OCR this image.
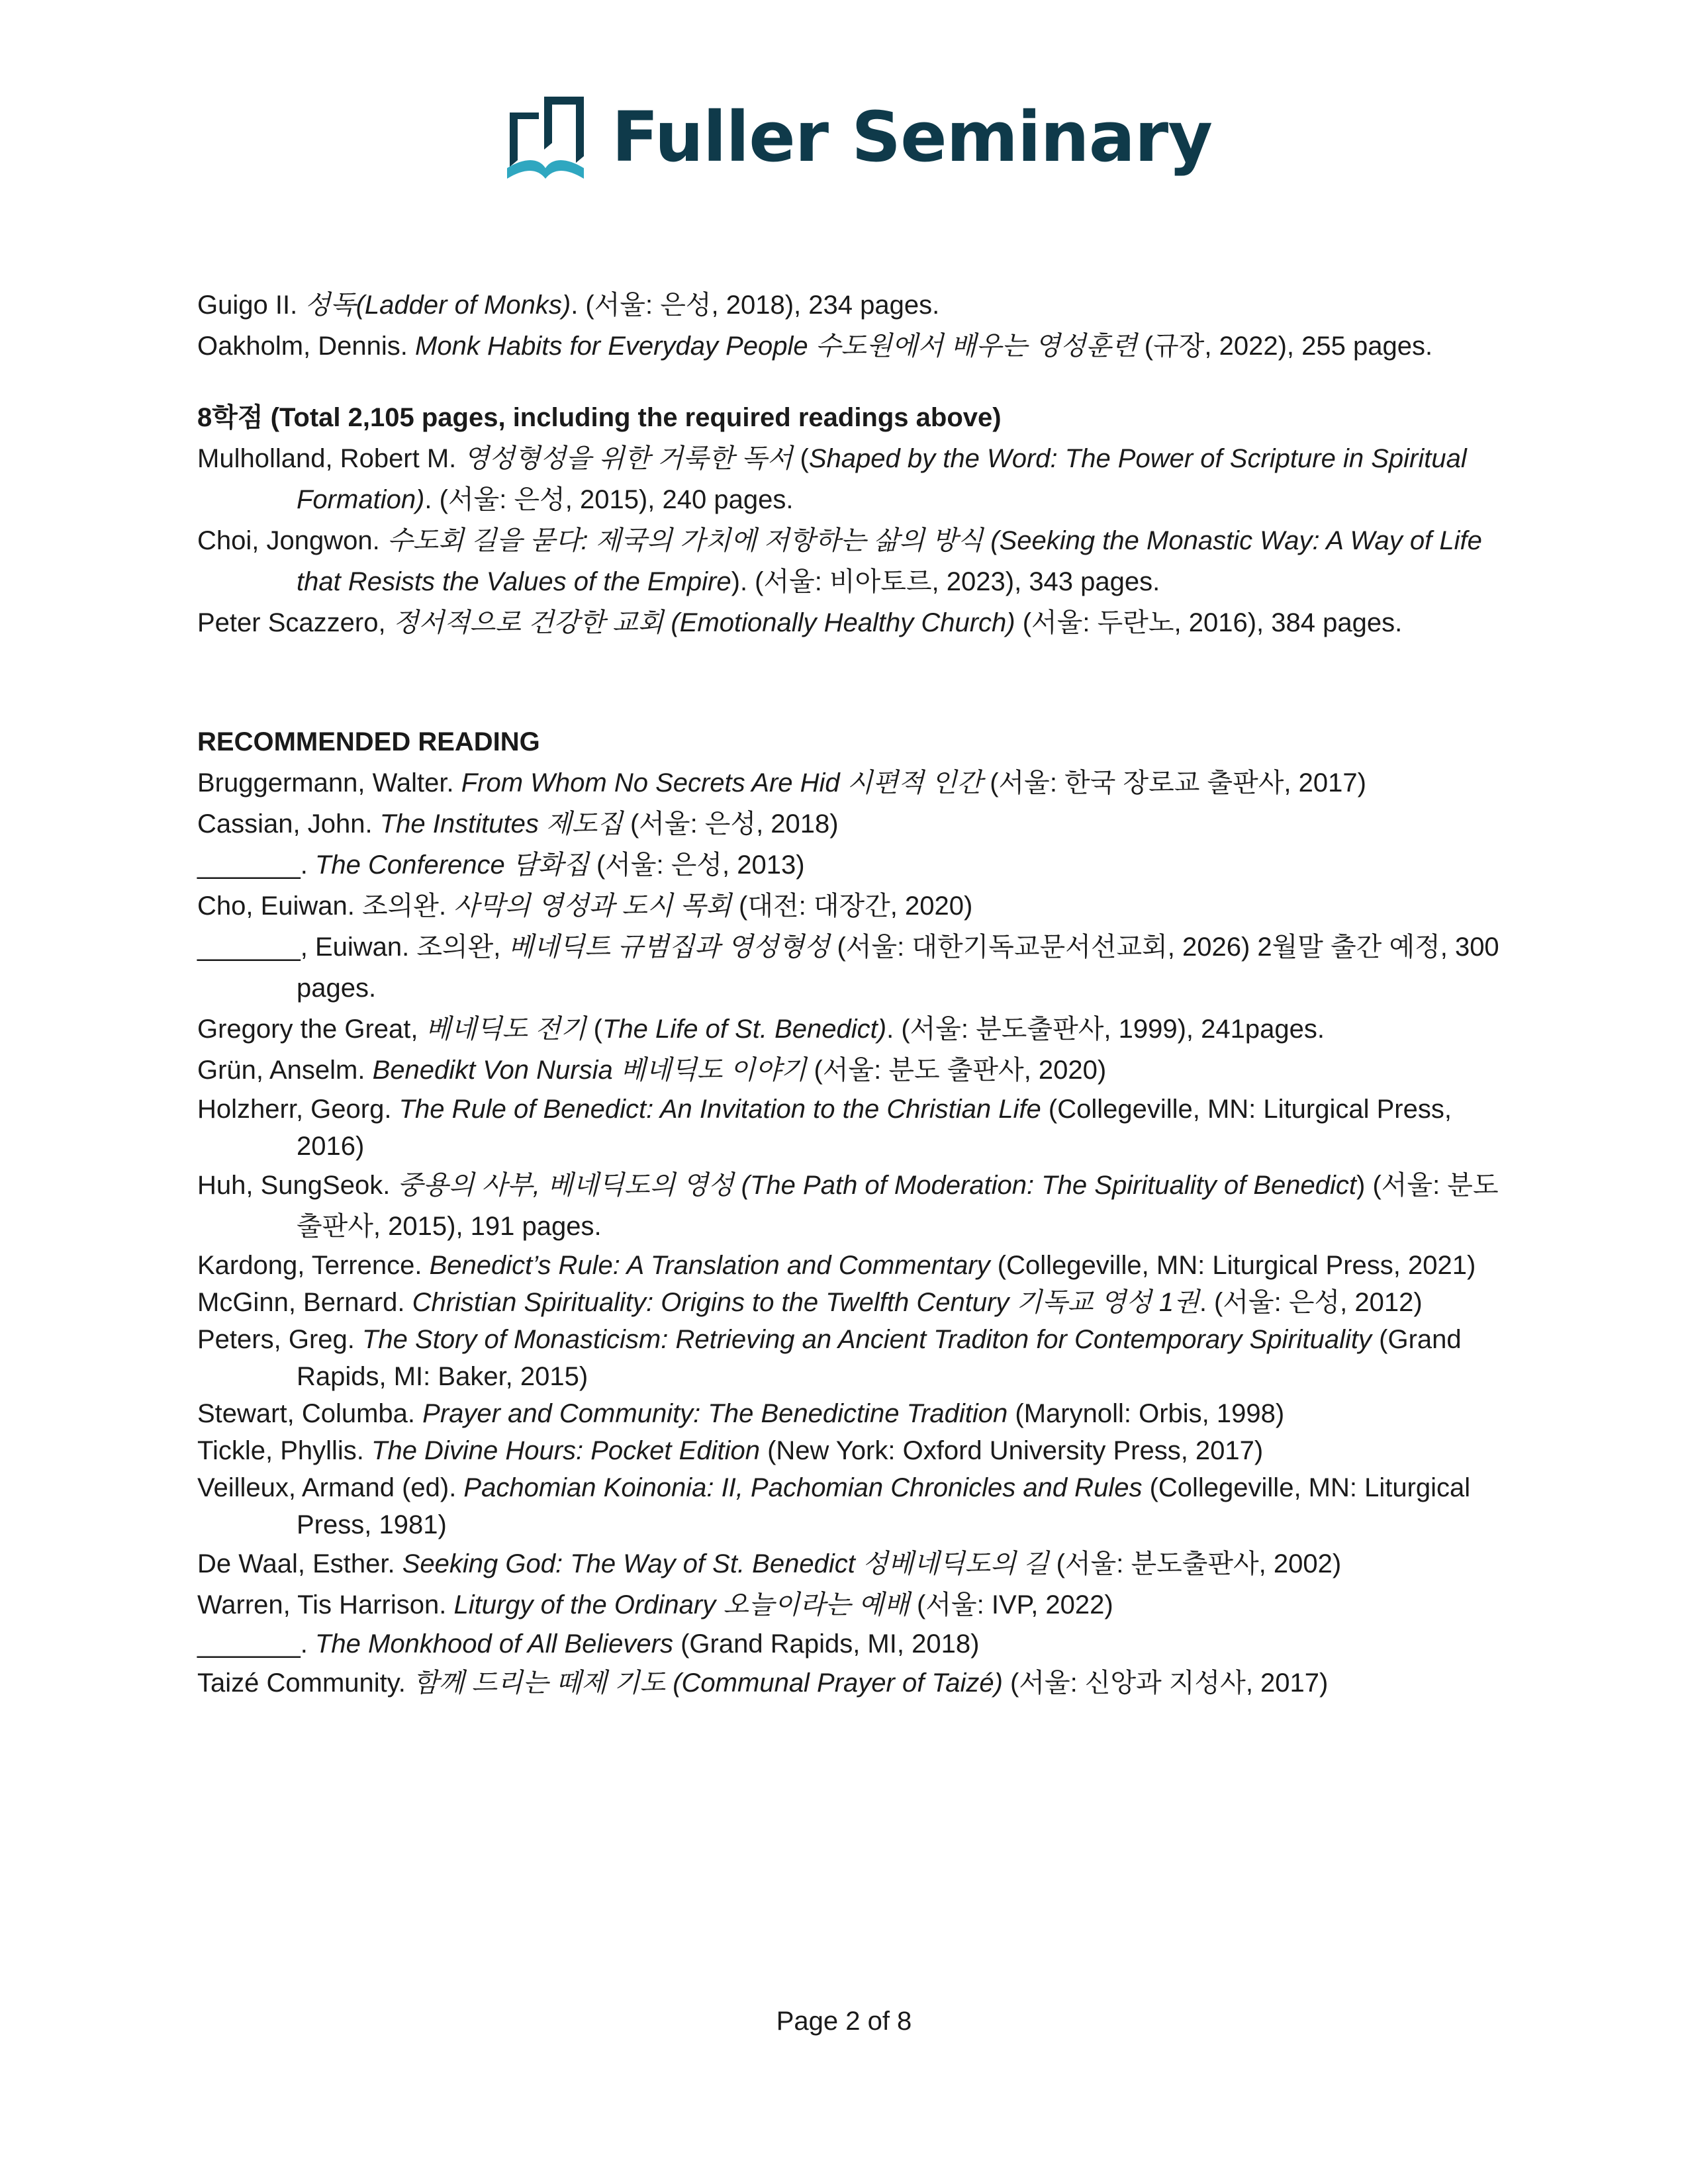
Fuller Seminary

Guigo II. 성독(Ladder of Monks). (서울: 은성, 2018), 234 pages.

Oakholm, Dennis. Monk Habits for Everyday People 수도원에서 배우는 영성훈련 (규장, 2022), 255 pages.

8학점 (Total 2,105 pages, including the required readings above)

Mulholland, Robert M. 영성형성을 위한 거룩한 독서 (Shaped by the Word: The Power of Scripture in Spiritual Formation). (서울: 은성, 2015), 240 pages.

Choi, Jongwon. 수도회 길을 묻다: 제국의 가치에 저항하는 삶의 방식 (Seeking the Monastic Way: A Way of Life that Resists the Values of the Empire). (서울: 비아토르, 2023), 343 pages.

Peter Scazzero, 정서적으로 건강한 교회 (Emotionally Healthy Church) (서울: 두란노, 2016), 384 pages.

RECOMMENDED READING

Bruggermann, Walter. From Whom No Secrets Are Hid 시편적 인간 (서울: 한국 장로교 출판사, 2017)

Cassian, John. The Institutes 제도집 (서울: 은성, 2018)

_______. The Conference 담화집 (서울: 은성, 2013)

Cho, Euiwan. 조의완. 사막의 영성과 도시 목회 (대전: 대장간, 2020)

_______, Euiwan. 조의완, 베네딕트 규범집과 영성형성 (서울: 대한기독교문서선교회, 2026) 2월말 출간 예정, 300 pages.

Gregory the Great, 베네딕도 전기 (The Life of St. Benedict). (서울: 분도출판사, 1999), 241pages.

Grün, Anselm. Benedikt Von Nursia 베네딕도 이야기 (서울: 분도 출판사, 2020)

Holzherr, Georg. The Rule of Benedict: An Invitation to the Christian Life (Collegeville, MN: Liturgical Press, 2016)

Huh, SungSeok. 중용의 사부, 베네딕도의 영성 (The Path of Moderation: The Spirituality of Benedict) (서울: 분도출판사, 2015), 191 pages.

Kardong, Terrence. Benedict’s Rule: A Translation and Commentary (Collegeville, MN: Liturgical Press, 2021)

McGinn, Bernard. Christian Spirituality: Origins to the Twelfth Century 기독교 영성 1권. (서울: 은성, 2012)

Peters, Greg. The Story of Monasticism: Retrieving an Ancient Traditon for Contemporary Spirituality (Grand Rapids, MI: Baker, 2015)

Stewart, Columba. Prayer and Community: The Benedictine Tradition (Marynoll: Orbis, 1998)

Tickle, Phyllis. The Divine Hours: Pocket Edition (New York: Oxford University Press, 2017)

Veilleux, Armand (ed). Pachomian Koinonia: II, Pachomian Chronicles and Rules (Collegeville, MN: Liturgical Press, 1981)

De Waal, Esther. Seeking God: The Way of St. Benedict 성베네딕도의 길 (서울: 분도출판사, 2002)

Warren, Tis Harrison. Liturgy of the Ordinary 오늘이라는 예배 (서울: IVP, 2022)

_______. The Monkhood of All Believers (Grand Rapids, MI, 2018)

Taizé Community. 함께 드리는 떼제 기도 (Communal Prayer of Taizé) (서울: 신앙과 지성사, 2017)

Page 2 of 8
